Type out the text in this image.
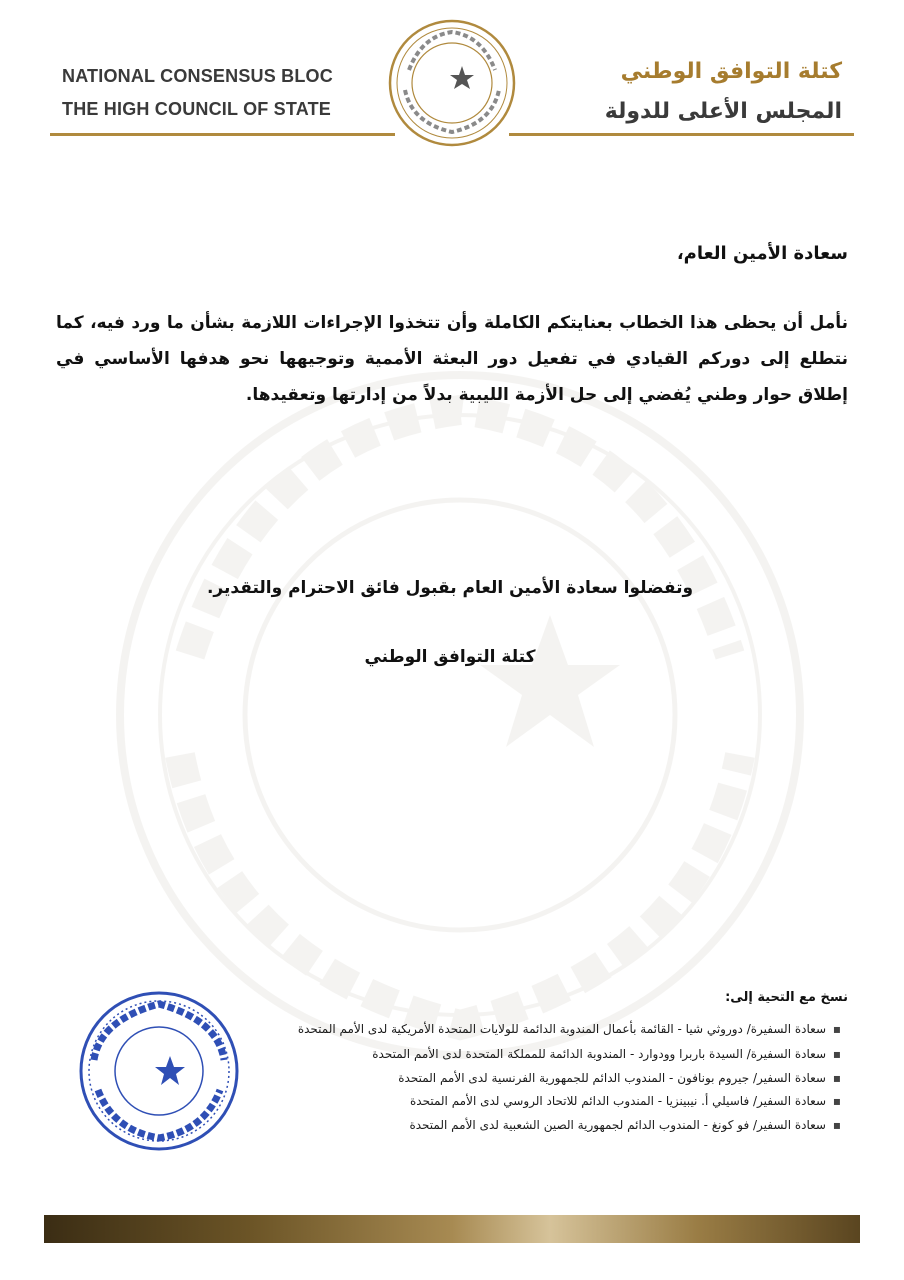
NATIONAL CONSENSUS BLOC
THE HIGH COUNCIL OF STATE
كتلة التوافق الوطني
المجلس الأعلى للدولة
سعادة الأمين العام،
نأمل أن يحظى هذا الخطاب بعنايتكم الكاملة وأن تتخذوا الإجراءات اللازمة بشأن ما ورد فيه، كما نتطلع إلى دوركم القيادي في تفعيل دور البعثة الأممية وتوجيهها نحو هدفها الأساسي في إطلاق حوار وطني يُفضي إلى حل الأزمة الليبية بدلاً من إدارتها وتعقيدها.
وتفضلوا سعادة الأمين العام بقبول فائق الاحترام والتقدير.
كتلة التوافق الوطني
نسخ مع التحية إلى:
▪سعادة السفيرة/ دوروثي شيا - القائمة بأعمال المندوبة الدائمة للولايات المتحدة الأمريكية لدى الأمم المتحدة
▪سعادة السفيرة/ السيدة باربرا وودوارد - المندوبة الدائمة للمملكة المتحدة لدى الأمم المتحدة
▪سعادة السفير/ جيروم بونافون - المندوب الدائم للجمهورية الفرنسية لدى الأمم المتحدة
▪سعادة السفير/ فاسيلي أ. نيبينزيا - المندوب الدائم للاتحاد الروسي لدى الأمم المتحدة
▪سعادة السفير/ فو كونغ - المندوب الدائم لجمهورية الصين الشعبية لدى الأمم المتحدة
